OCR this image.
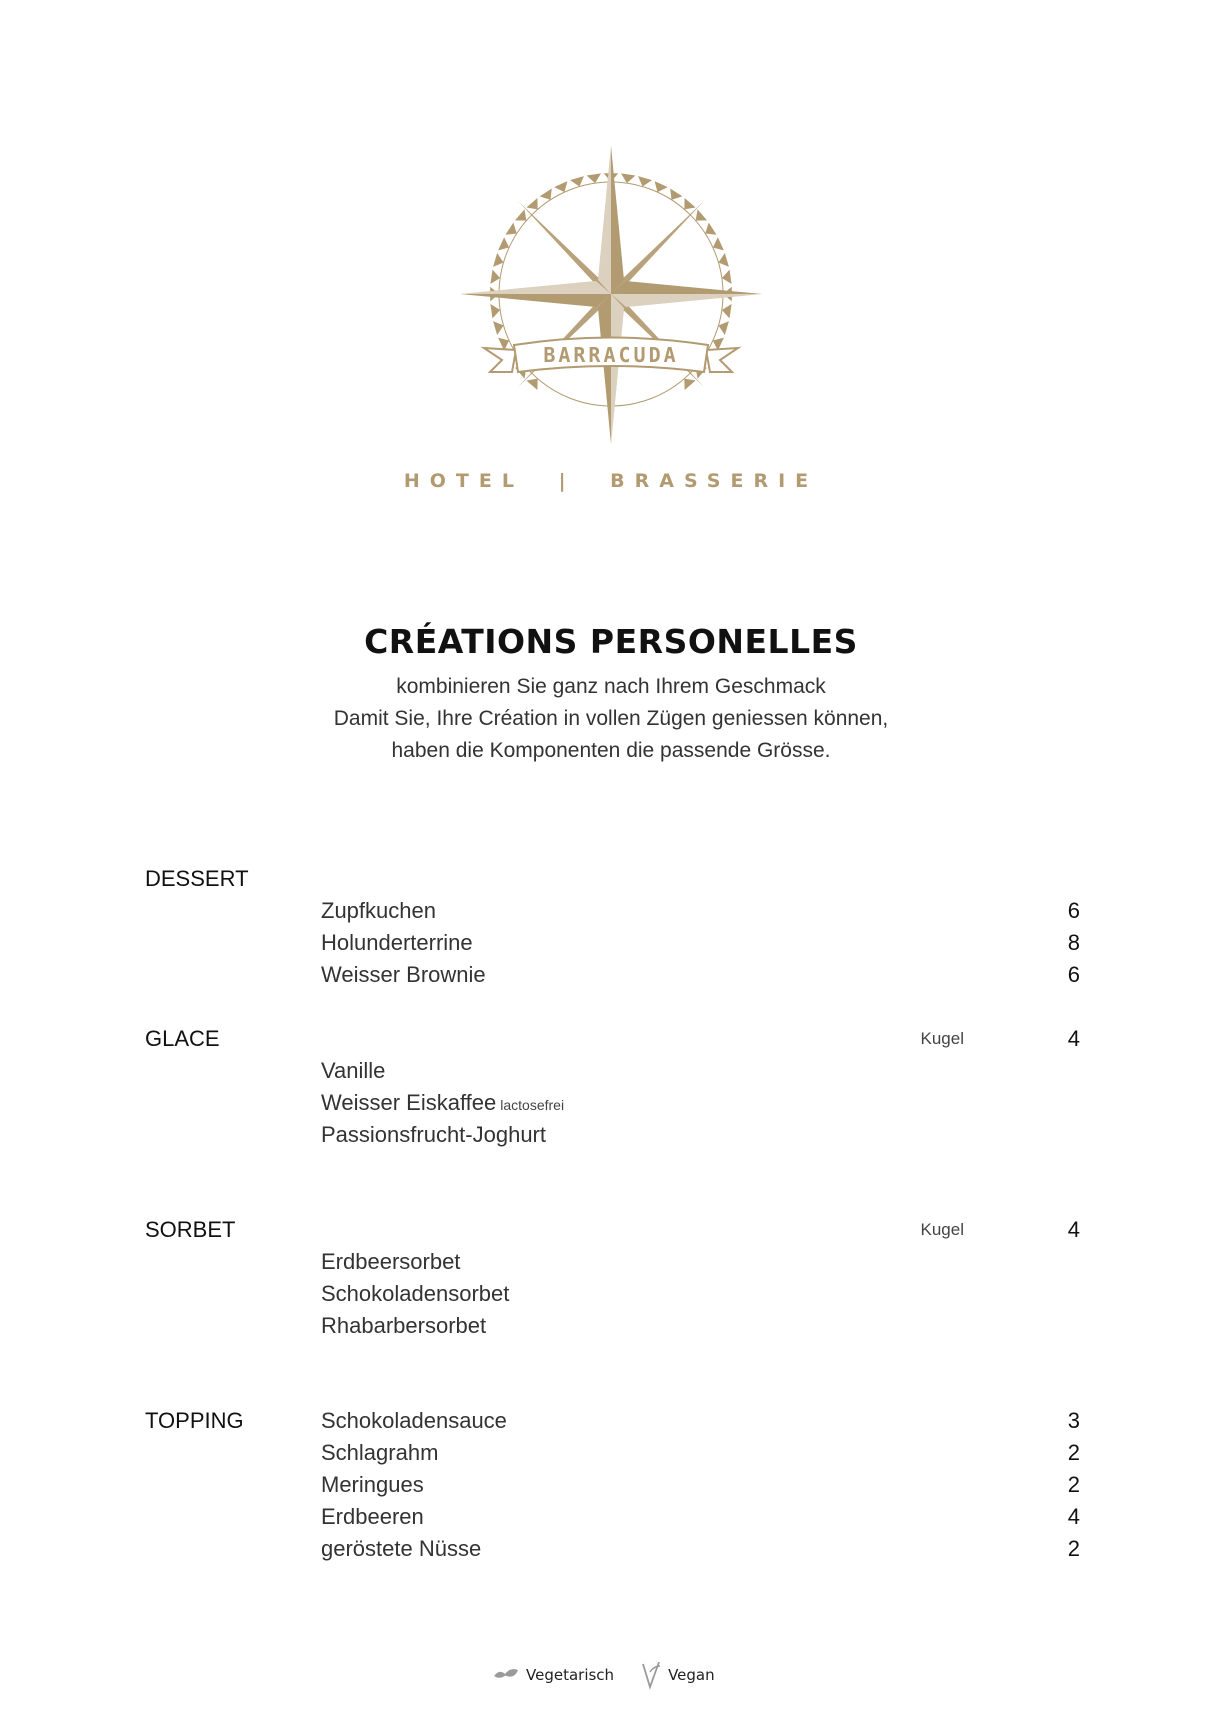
BARRACUDA
HOTEL | BRASSERIE
CRÉATIONS PERSONELLES
kombinieren Sie ganz nach Ihrem Geschmack
Damit Sie, Ihre Création in vollen Zügen geniessen können,
haben die Komponenten die passende Grösse.
DESSERT
Zupfkuchen	6
Holunderterrine	8
Weisser Brownie	6
GLACE	Kugel	4
Vanille
Weisser Eiskaffee lactosefrei
Passionsfrucht-Joghurt
SORBET	Kugel	4
Erdbeersorbet
Schokoladensorbet
Rhabarbersorbet
TOPPING	Schokoladensauce	3
Schlagrahm	2
Meringues	2
Erdbeeren	4
geröstete Nüsse	2
Vegetarisch	Vegan
